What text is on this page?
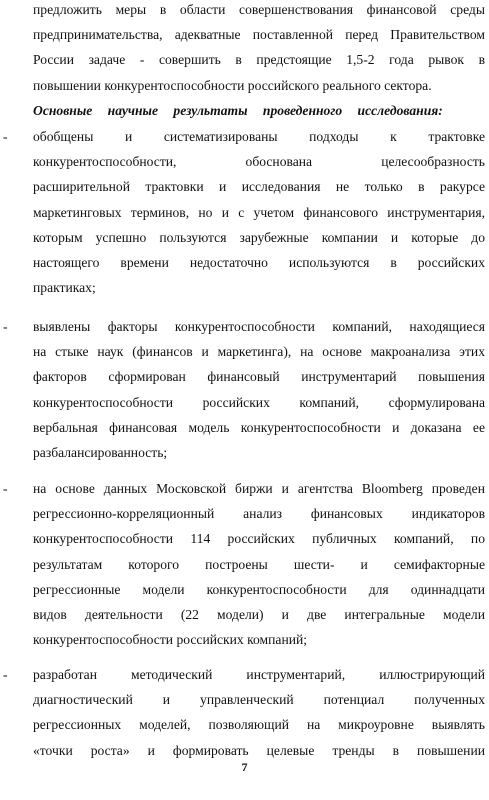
предложить меры в области совершенствования финансовой среды
предпринимательства, адекватные поставленной перед Правительством
России задаче - совершить в предстоящие 1,5-2 года рывок в
повышении конкурентоспособности российского реального сектора.
Основные научные результаты проведенного исследования:
- обобщены и систематизированы подходы к трактовке
конкурентоспособности, обоснована целесообразность
расширительной трактовки и исследования не только в ракурсе
маркетинговых терминов, но и с учетом финансового инструментария,
которым успешно пользуются зарубежные компании и которые до
настоящего времени недостаточно используются в российских
практиках;
- выявлены факторы конкурентоспособности компаний, находящиеся
на стыке наук (финансов и маркетинга), на основе макроанализа этих
факторов сформирован финансовый инструментарий повышения
конкурентоспособности российских компаний, сформулирована
вербальная финансовая модель конкурентоспособности и доказана ее
разбалансированность;
- на основе данных Московской биржи и агентства Bloomberg проведен
регрессионно-корреляционный анализ финансовых индикаторов
конкурентоспособности 114 российских публичных компаний, по
результатам которого построены шести- и семифакторные
регрессионные модели конкурентоспособности для одиннадцати
видов деятельности (22 модели) и две интегральные модели
конкурентоспособности российских компаний;
- разработан методический инструментарий, иллюстрирующий
диагностический и управленческий потенциал полученных
регрессионных моделей, позволяющий на микроуровне выявлять
«точки роста» и формировать целевые тренды в повышении
7
